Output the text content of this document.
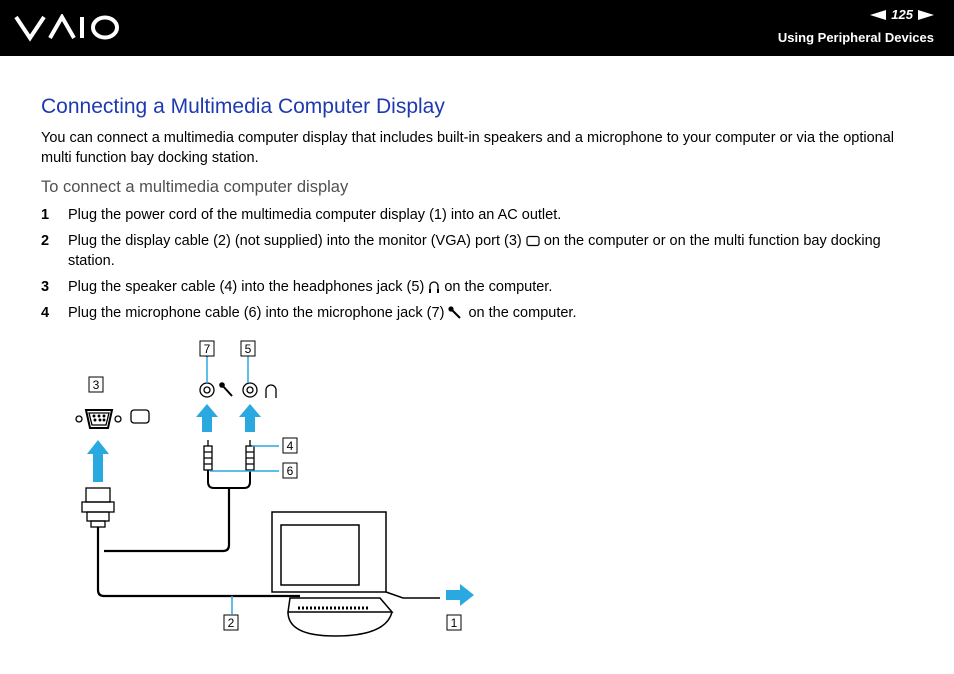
125
Using Peripheral Devices
Connecting a Multimedia Computer Display

You can connect a multimedia computer display that includes built-in speakers and a microphone to your computer or via the optional multi function bay docking station.

To connect a multimedia computer display
1	Plug the power cord of the multimedia computer display (1) into an AC outlet.
2	Plug the display cable (2) (not supplied) into the monitor (VGA) port (3) on the computer or on the multi function bay docking station.
3	Plug the speaker cable (4) into the headphones jack (5) on the computer.
4	Plug the microphone cable (6) into the microphone jack (7) on the computer.
7	5
3
4
6
2	1
